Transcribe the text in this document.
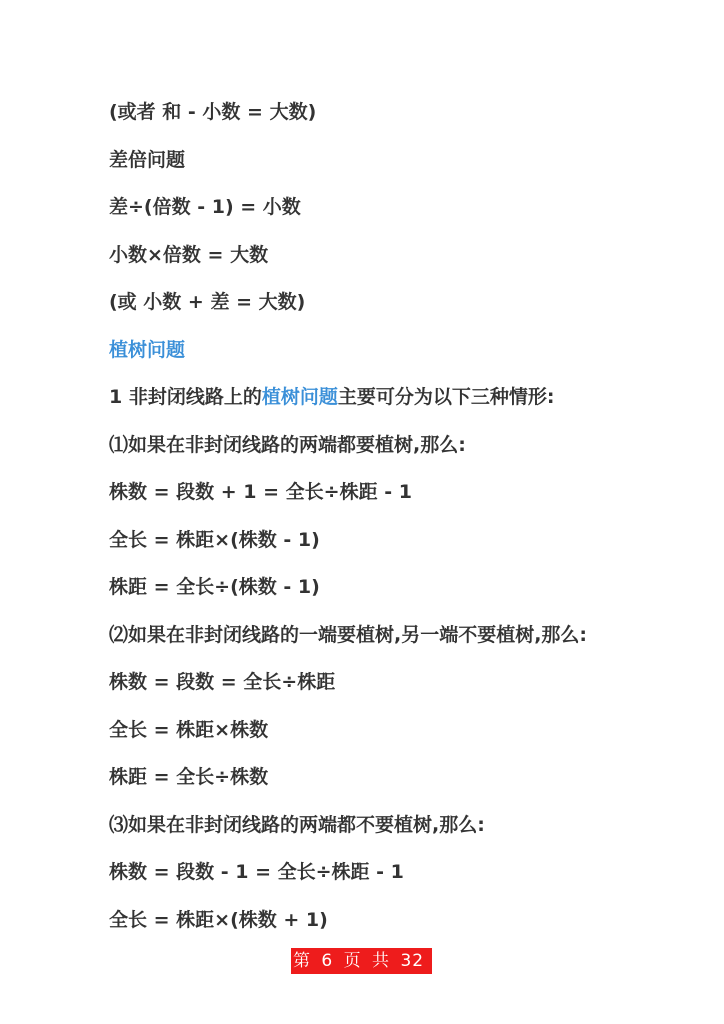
(或者 和 - 小数 = 大数)
差倍问题
差÷(倍数 - 1) = 小数
小数×倍数 = 大数
(或 小数 + 差 = 大数)
植树问题
1 非封闭线路上的植树问题主要可分为以下三种情形:
⑴如果在非封闭线路的两端都要植树,那么:
株数 = 段数 + 1 = 全长÷株距 - 1
全长 = 株距×(株数 - 1)
株距 = 全长÷(株数 - 1)
⑵如果在非封闭线路的一端要植树,另一端不要植树,那么:
株数 = 段数 = 全长÷株距
全长 = 株距×株数
株距 = 全长÷株数
⑶如果在非封闭线路的两端都不要植树,那么:
株数 = 段数 - 1 = 全长÷株距 - 1
全长 = 株距×(株数 + 1)
第 6 页 共 32 页
